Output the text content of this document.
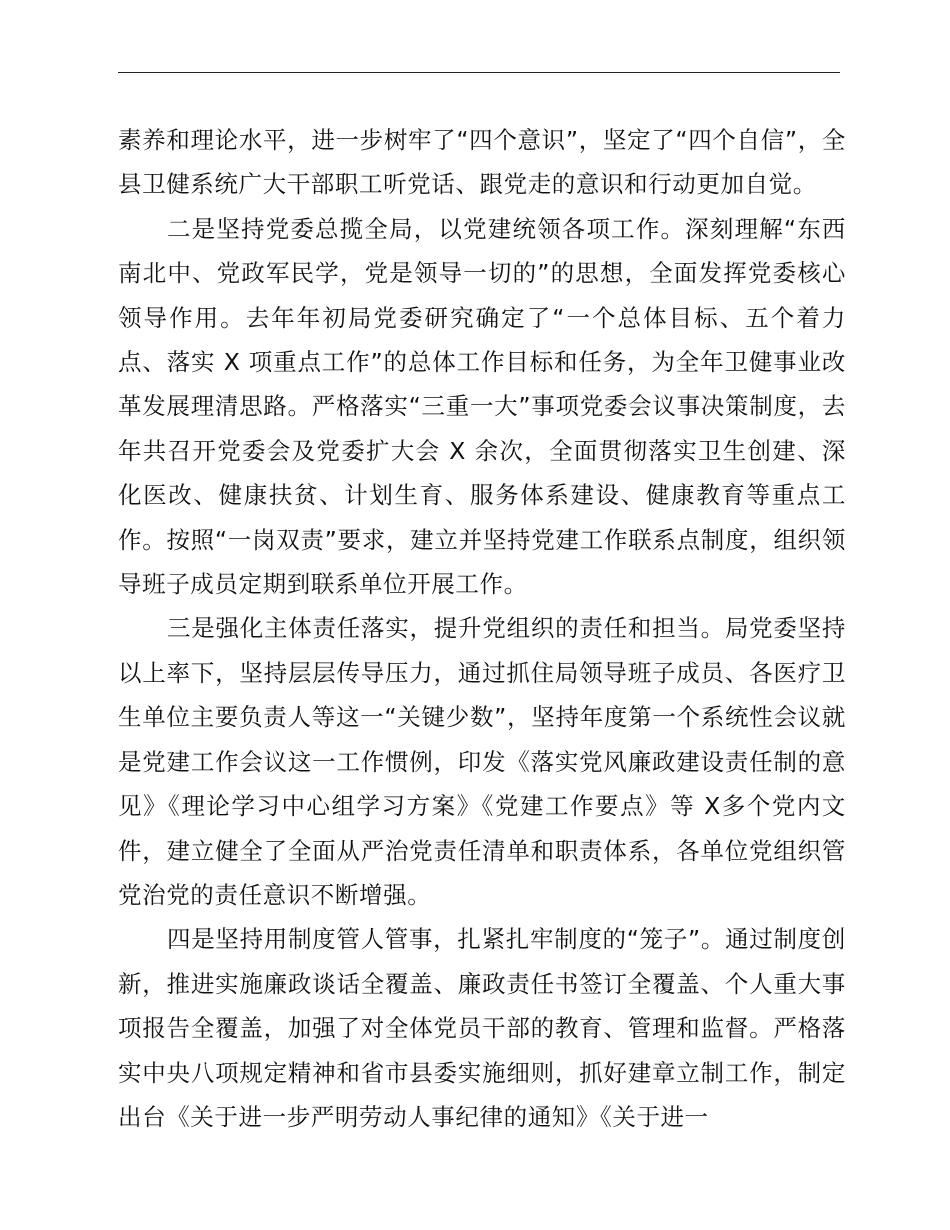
素养和理论水平，进一步树牢了“四个意识”，坚定了“四个自信”，全县卫健系统广大干部职工听党话、跟党走的意识和行动更加自觉。

二是坚持党委总揽全局，以党建统领各项工作。深刻理解“东西南北中、党政军民学，党是领导一切的”的思想，全面发挥党委核心领导作用。去年年初局党委研究确定了“一个总体目标、五个着力点、落实 X 项重点工作”的总体工作目标和任务，为全年卫健事业改革发展理清思路。严格落实“三重一大”事项党委会议事决策制度，去年共召开党委会及党委扩大会 X 余次，全面贯彻落实卫生创建、深化医改、健康扶贫、计划生育、服务体系建设、健康教育等重点工作。按照“一岗双责”要求，建立并坚持党建工作联系点制度，组织领导班子成员定期到联系单位开展工作。

三是强化主体责任落实，提升党组织的责任和担当。局党委坚持以上率下，坚持层层传导压力，通过抓住局领导班子成员、各医疗卫生单位主要负责人等这一“关键少数”，坚持年度第一个系统性会议就是党建工作会议这一工作惯例，印发《落实党风廉政建设责任制的意见》《理论学习中心组学习方案》《党建工作要点》等 X多个党内文件，建立健全了全面从严治党责任清单和职责体系，各单位党组织管党治党的责任意识不断增强。

四是坚持用制度管人管事，扎紧扎牢制度的“笼子”。通过制度创新，推进实施廉政谈话全覆盖、廉政责任书签订全覆盖、个人重大事项报告全覆盖，加强了对全体党员干部的教育、管理和监督。严格落实中央八项规定精神和省市县委实施细则，抓好建章立制工作，制定出台《关于进一步严明劳动人事纪律的通知》《关于进一
